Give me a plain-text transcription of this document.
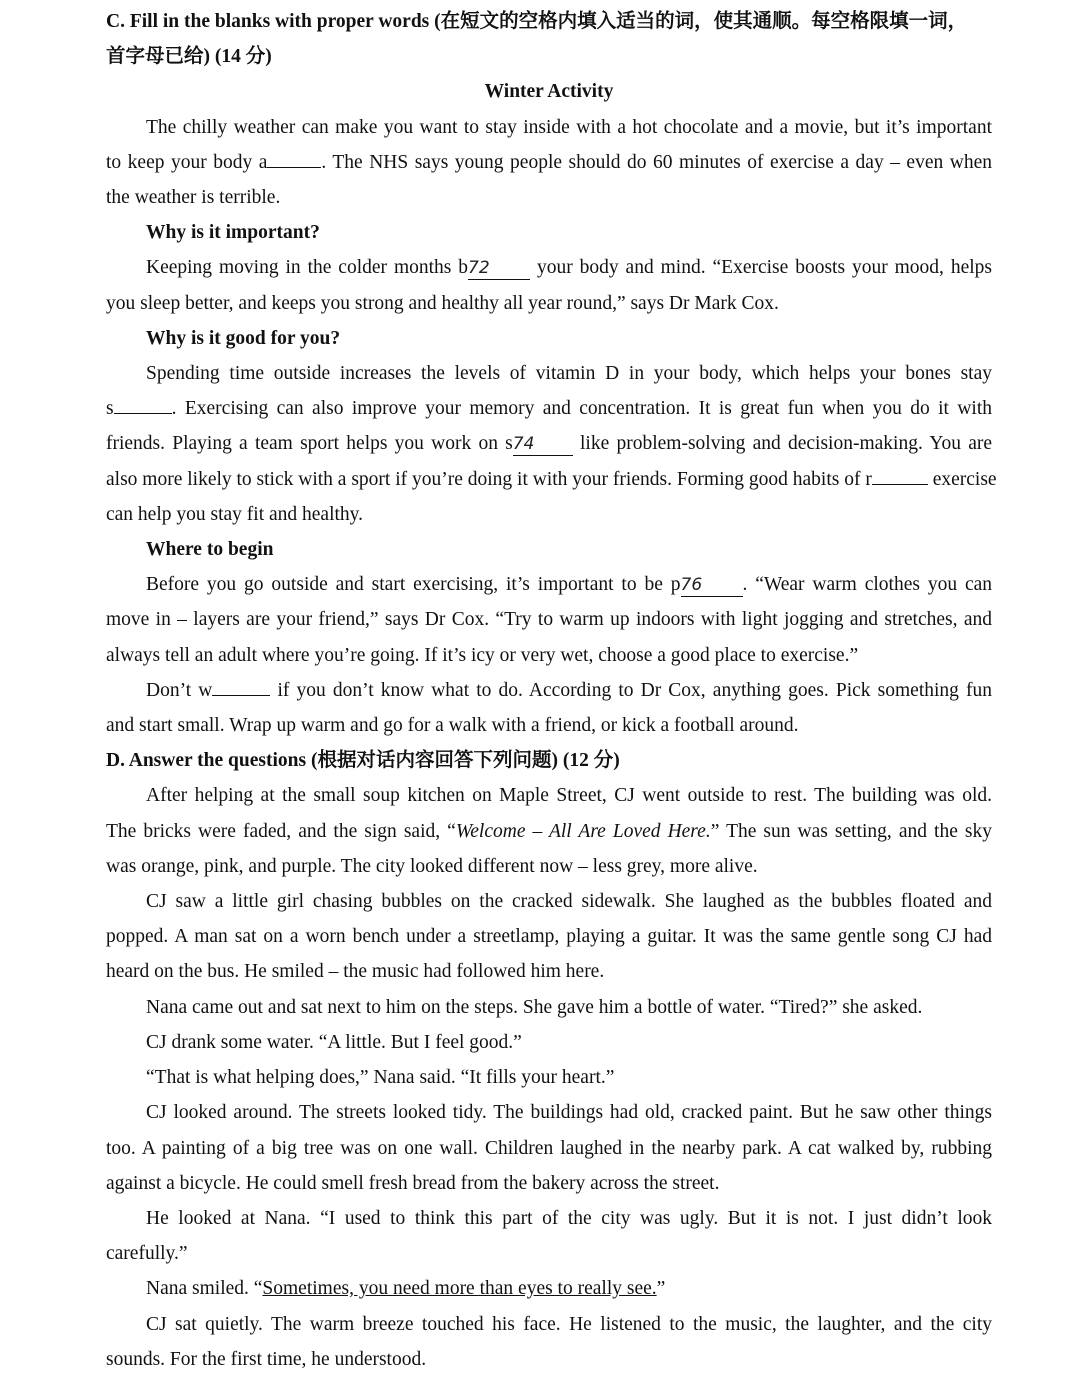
C. Fill in the blanks with proper words (在短文的空格内填入适当的词，使其通顺。每空格限填一词，
首字母已给) (14 分)
Winter Activity
The chilly weather can make you want to stay inside with a hot chocolate and a movie, but it’s important
to keep your body a	. The NHS says young people should do 60 minutes of exercise a day – even when
the weather is terrible.
Why is it important?
Keeping moving in the colder months b72 your body and mind. “Exercise boosts your mood, helps
you sleep better, and keeps you strong and healthy all year round,” says Dr Mark Cox.
Why is it good for you?
Spending time outside increases the levels of vitamin D in your body, which helps your bones stay
s	. Exercising can also improve your memory and concentration. It is great fun when you do it with
friends. Playing a team sport helps you work on s74 like problem-solving and decision-making. You are
also more likely to stick with a sport if you’re doing it with your friends. Forming good habits of r	exercise
can help you stay fit and healthy.
Where to begin
Before you go outside and start exercising, it’s important to be p76 . “Wear warm clothes you can
move in – layers are your friend,” says Dr Cox. “Try to warm up indoors with light jogging and stretches, and
always tell an adult where you’re going. If it’s icy or very wet, choose a good place to exercise.”
Don’t w	if you don’t know what to do. According to Dr Cox, anything goes. Pick something fun
and start small. Wrap up warm and go for a walk with a friend, or kick a football around.
D. Answer the questions (根据对话内容回答下列问题) (12 分)
After helping at the small soup kitchen on Maple Street, CJ went outside to rest. The building was old.
The bricks were faded, and the sign said, “Welcome – All Are Loved Here.” The sun was setting, and the sky
was orange, pink, and purple. The city looked different now – less grey, more alive.
CJ saw a little girl chasing bubbles on the cracked sidewalk. She laughed as the bubbles floated and
popped. A man sat on a worn bench under a streetlamp, playing a guitar. It was the same gentle song CJ had
heard on the bus. He smiled – the music had followed him here.
Nana came out and sat next to him on the steps. She gave him a bottle of water. “Tired?” she asked.
CJ drank some water. “A little. But I feel good.”
“That is what helping does,” Nana said. “It fills your heart.”
CJ looked around. The streets looked tidy. The buildings had old, cracked paint. But he saw other things
too. A painting of a big tree was on one wall. Children laughed in the nearby park. A cat walked by, rubbing
against a bicycle. He could smell fresh bread from the bakery across the street.
He looked at Nana. “I used to think this part of the city was ugly. But it is not. I just didn’t look
carefully.”
Nana smiled. “Sometimes, you need more than eyes to really see.”
CJ sat quietly. The warm breeze touched his face. He listened to the music, the laughter, and the city
sounds. For the first time, he understood.
